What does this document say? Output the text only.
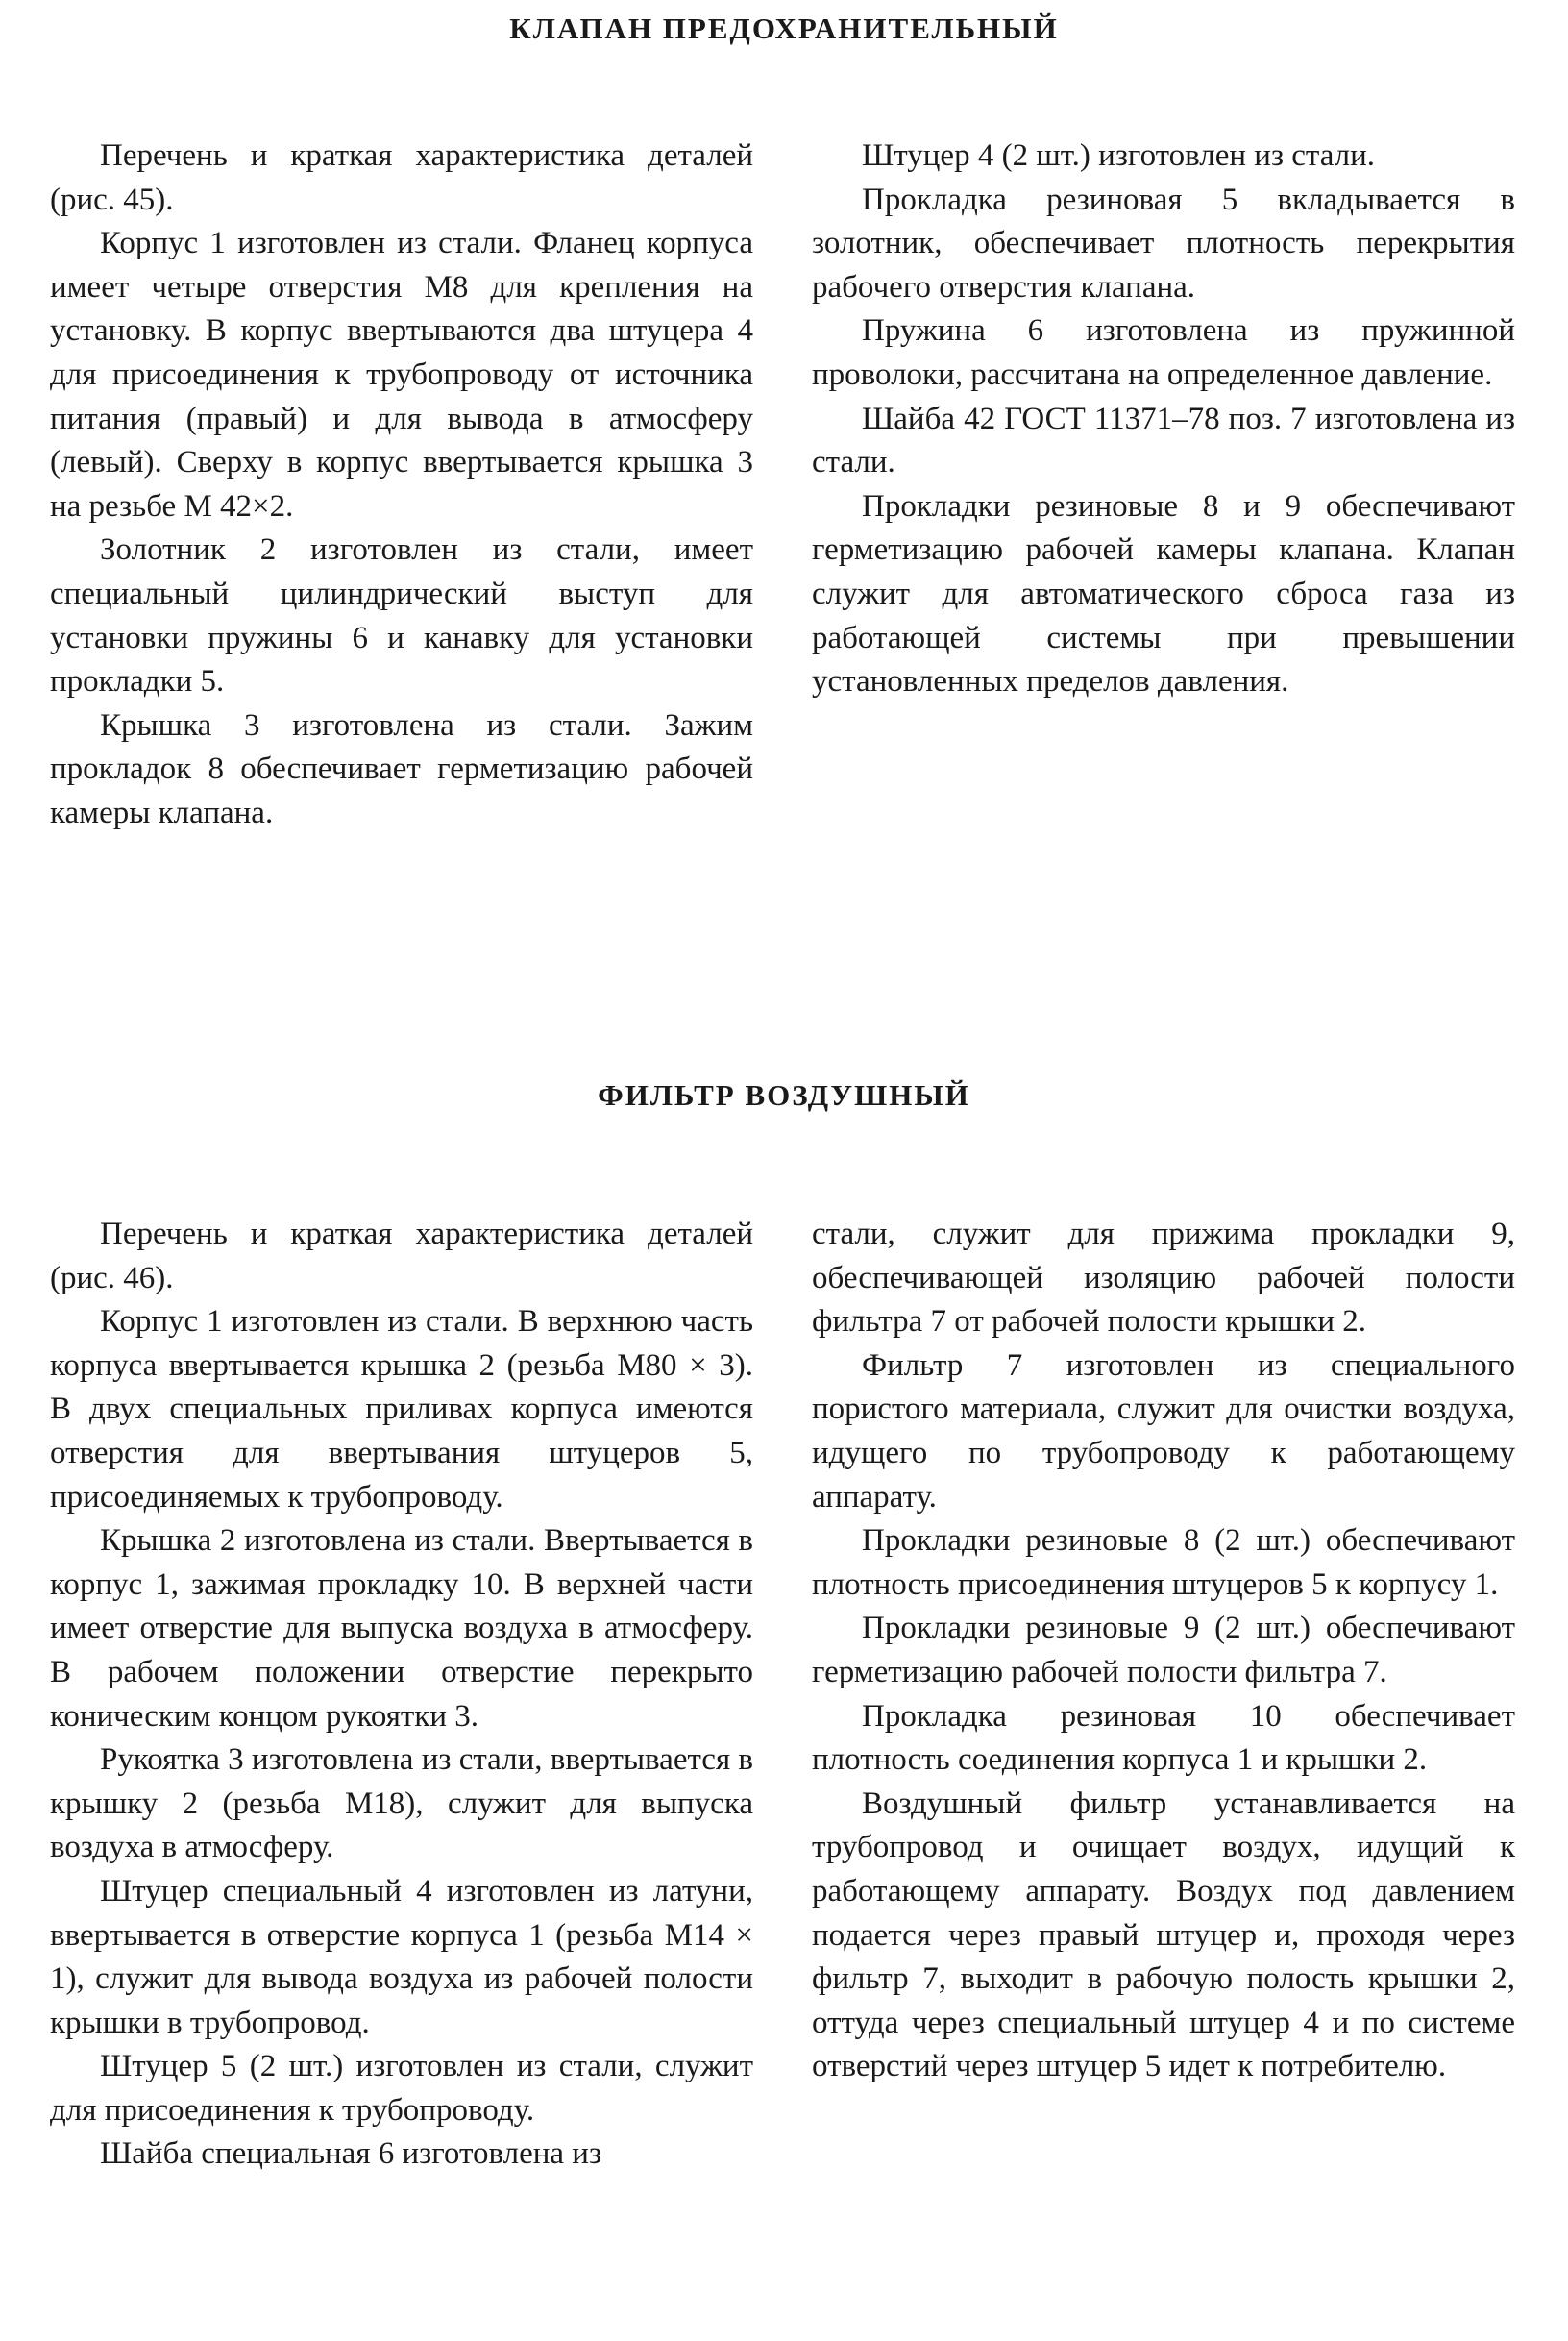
КЛАПАН ПРЕДОХРАНИТЕЛЬНЫЙ

Перечень и краткая характеристика деталей (рис. 45).

Корпус 1 изготовлен из стали. Фланец корпуса имеет четыре отверстия М8 для крепления на установку. В корпус ввертываются два штуцера 4 для присоединения к трубопроводу от источника питания (правый) и для вывода в атмосферу (левый). Сверху в корпус ввертывается крышка 3 на резьбе М 42×2.

Золотник 2 изготовлен из стали, имеет специальный цилиндрический выступ для установки пружины 6 и канавку для установки прокладки 5.

Крышка 3 изготовлена из стали. Зажим прокладок 8 обеспечивает герметизацию рабочей камеры клапана.

Штуцер 4 (2 шт.) изготовлен из стали.

Прокладка резиновая 5 вкладывается в золотник, обеспечивает плотность перекрытия рабочего отверстия клапана.

Пружина 6 изготовлена из пружинной проволоки, рассчитана на определенное давление.

Шайба 42 ГОСТ 11371–78 поз. 7 изготовлена из стали.

Прокладки резиновые 8 и 9 обеспечивают герметизацию рабочей камеры клапана. Клапан служит для автоматического сброса газа из работающей системы при превышении установленных пределов давления.

ФИЛЬТР ВОЗДУШНЫЙ

Перечень и краткая характеристика деталей (рис. 46).

Корпус 1 изготовлен из стали. В верхнюю часть корпуса ввертывается крышка 2 (резьба М80 × 3). В двух специальных приливах корпуса имеются отверстия для ввертывания штуцеров 5, присоединяемых к трубопроводу.

Крышка 2 изготовлена из стали. Ввертывается в корпус 1, зажимая прокладку 10. В верхней части имеет отверстие для выпуска воздуха в атмосферу. В рабочем положении отверстие перекрыто коническим концом рукоятки 3.

Рукоятка 3 изготовлена из стали, ввертывается в крышку 2 (резьба М18), служит для выпуска воздуха в атмосферу.

Штуцер специальный 4 изготовлен из латуни, ввертывается в отверстие корпуса 1 (резьба М14 × 1), служит для вывода воздуха из рабочей полости крышки в трубопровод.

Штуцер 5 (2 шт.) изготовлен из стали, служит для присоединения к трубопроводу.

Шайба специальная 6 изготовлена из

стали, служит для прижима прокладки 9, обеспечивающей изоляцию рабочей полости фильтра 7 от рабочей полости крышки 2.

Фильтр 7 изготовлен из специального пористого материала, служит для очистки воздуха, идущего по трубопроводу к работающему аппарату.

Прокладки резиновые 8 (2 шт.) обеспечивают плотность присоединения штуцеров 5 к корпусу 1.

Прокладки резиновые 9 (2 шт.) обеспечивают герметизацию рабочей полости фильтра 7.

Прокладка резиновая 10 обеспечивает плотность соединения корпуса 1 и крышки 2.

Воздушный фильтр устанавливается на трубопровод и очищает воздух, идущий к работающему аппарату. Воздух под давлением подается через правый штуцер и, проходя через фильтр 7, выходит в рабочую полость крышки 2, оттуда через специальный штуцер 4 и по системе отверстий через штуцер 5 идет к потребителю.
